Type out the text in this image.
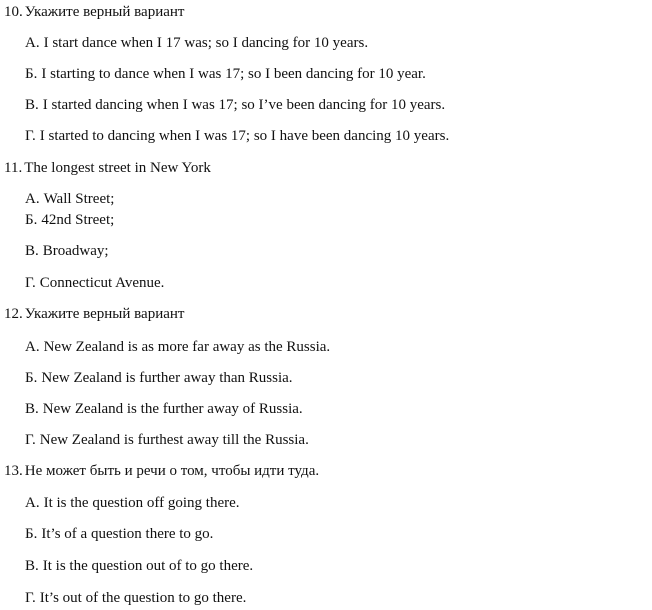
10. Укажите верный вариант
А. I start dance when I 17 was; so I dancing for 10 years.
Б. I starting to dance when I was 17; so I been dancing for 10 year.
В. I started dancing when I was 17; so I’ve been dancing for 10 years.
Г. I started to dancing when I was 17; so I have been dancing 10 years.
11. The longest street in New York
А. Wall Street;
Б. 42nd Street;
В. Broadway;
Г. Connecticut Avenue.
12. Укажите верный вариант
А. New Zealand is as more far away as the Russia.
Б. New Zealand is further away than Russia.
В. New Zealand is the further away of Russia.
Г. New Zealand is furthest away till the Russia.
13. Не может быть и речи о том, чтобы идти туда.
А. It is the question off going there.
Б. It’s of a question there to go.
В. It is the question out of to go there.
Г. It’s out of the question to go there.
